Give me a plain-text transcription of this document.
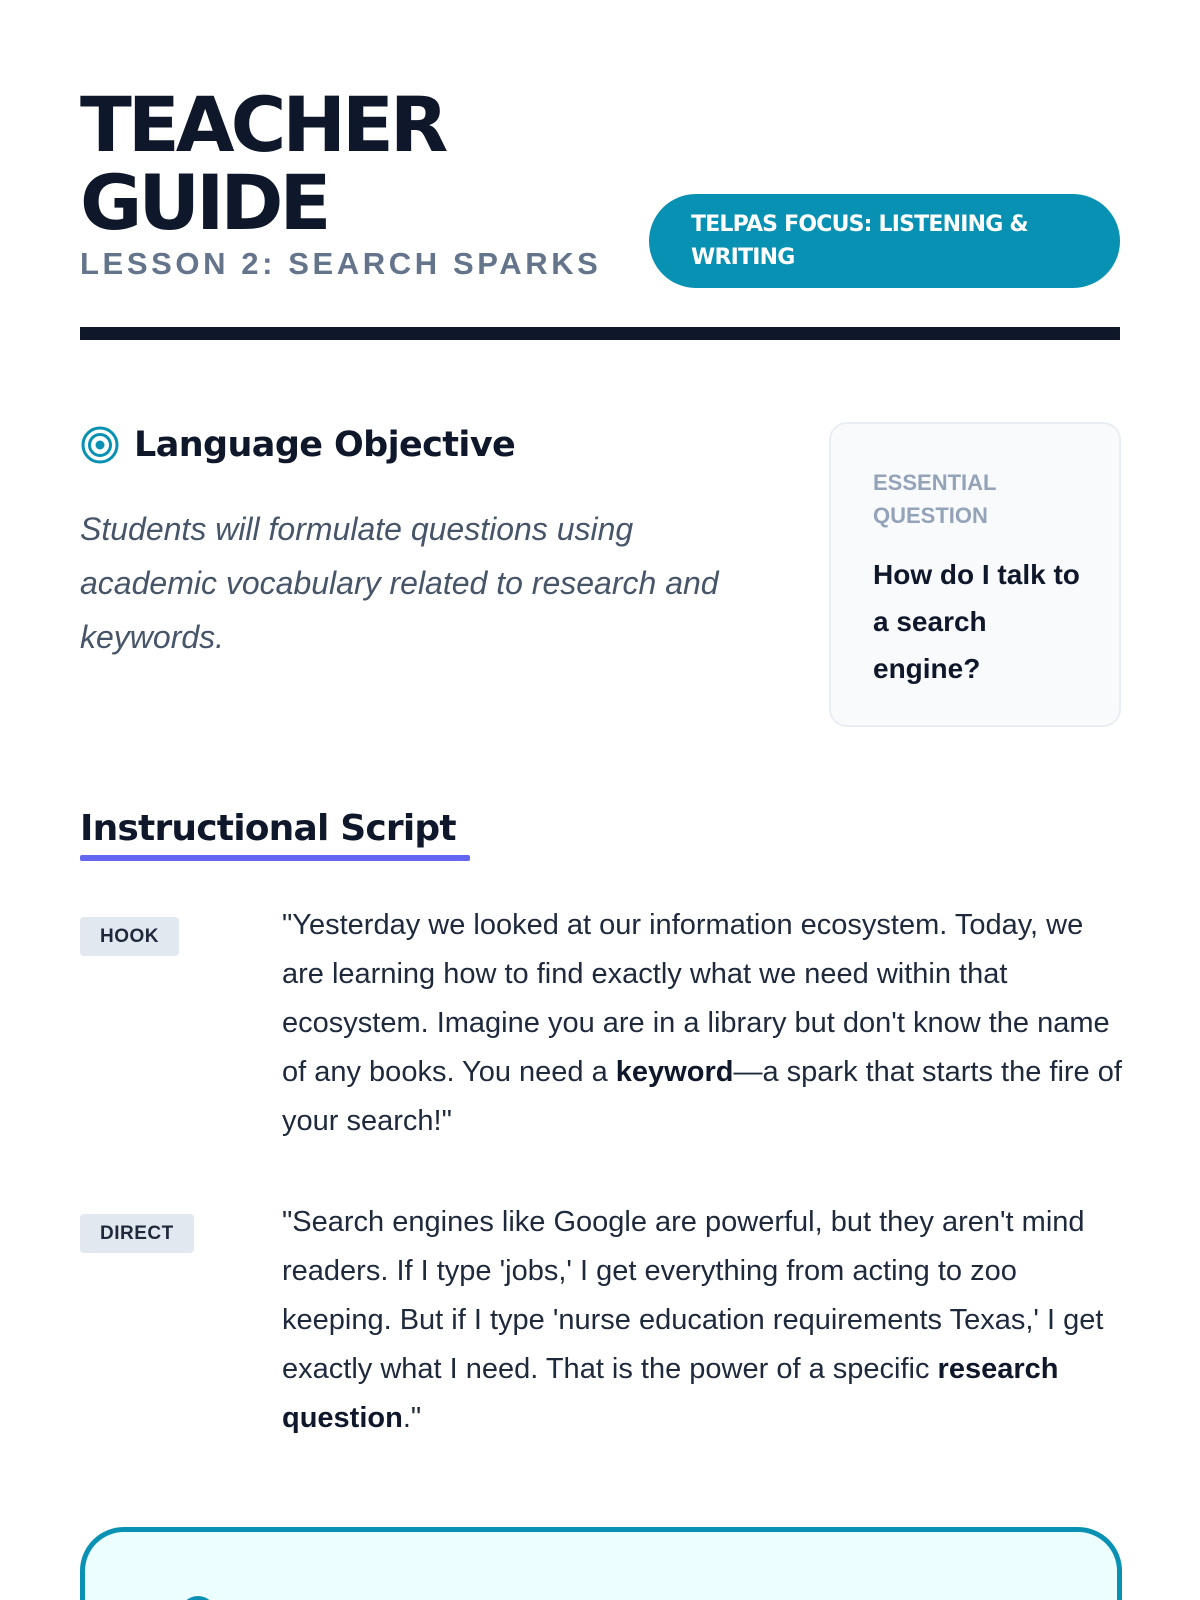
TEACHER
GUIDE
LESSON 2: SEARCH SPARKS
TELPAS FOCUS: LISTENING &
WRITING
Language Objective

Students will formulate questions using academic vocabulary related to research and keywords.

ESSENTIAL QUESTION
How do I talk to a search engine?
Instructional Script
HOOK	"Yesterday we looked at our information ecosystem. Today, we are learning how to find exactly what we need within that ecosystem. Imagine you are in a library but don't know the name of any books. You need a keyword—a spark that starts the fire of your search!"

DIRECT	"Search engines like Google are powerful, but they aren't mind readers. If I type 'jobs,' I get everything from acting to zoo keeping. But if I type 'nurse education requirements Texas,' I get exactly what I need. That is the power of a specific research question."
